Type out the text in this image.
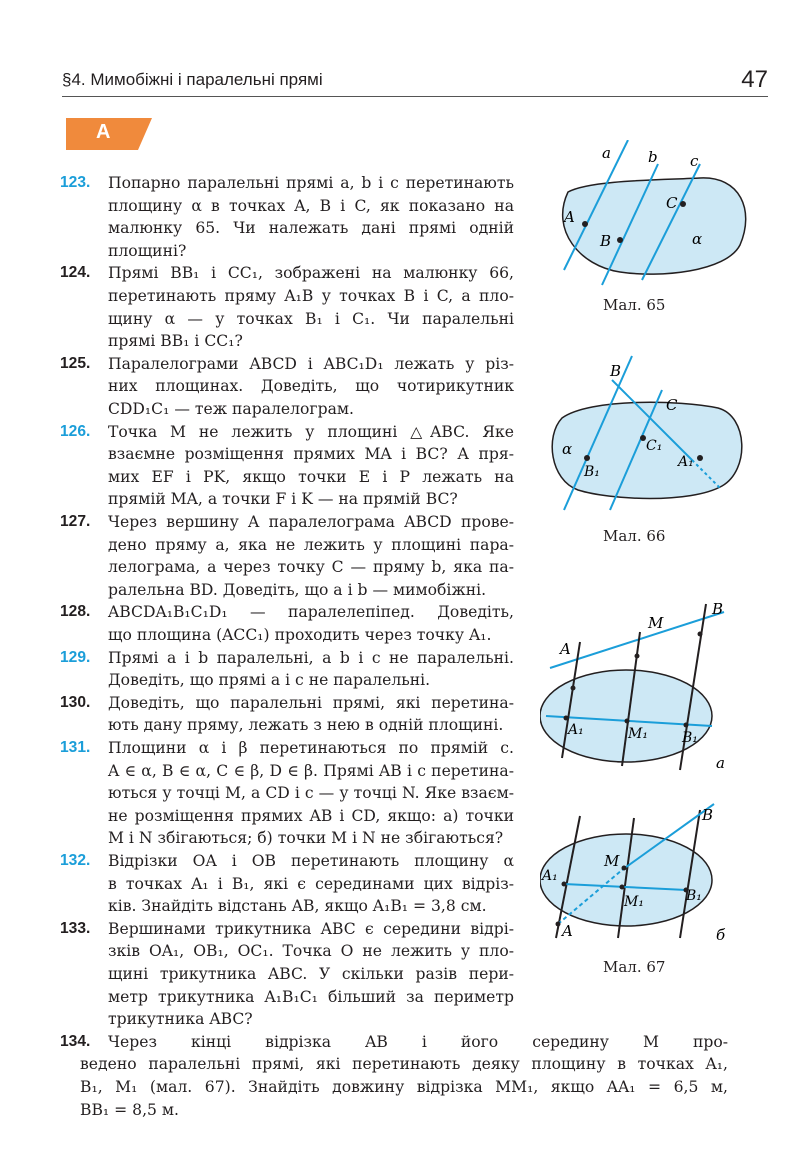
§4. Мимобіжні і паралельні прямі	47
А
123. Попарно паралельні прямі a, b і c перетинають
площину α в точках A, B і C, як показано на
малюнку 65. Чи належать дані прямі одній
площині?
124. Прямі BB₁ і CC₁, зображені на малюнку 66,
перетинають пряму A₁B у точках B і C, а пло-
щину α — у точках B₁ і C₁. Чи паралельні
прямі BB₁ і CC₁?
125. Паралелограми ABCD і ABC₁D₁ лежать у різ-
них площинах. Доведіть, що чотирикутник
CDD₁C₁ — теж паралелограм.
126. Точка M не лежить у площині △ABC. Яке
взаємне розміщення прямих MA і BC? А пря-
мих EF і PK, якщо точки E і P лежать на
прямій MA, а точки F і K — на прямій BC?
127. Через вершину A паралелограма ABCD прове-
дено пряму a, яка не лежить у площині пара-
лелограма, а через точку C — пряму b, яка па-
ралельна BD. Доведіть, що a і b — мимобіжні.
128. ABCDA₁B₁C₁D₁ — паралелепіпед. Доведіть,
що площина (ACC₁) проходить через точку A₁.
129. Прямі a і b паралельні, а b і c не паралельні.
Доведіть, що прямі a і c не паралельні.
130. Доведіть, що паралельні прямі, які перетина-
ють дану пряму, лежать з нею в одній площині.
131. Площини α і β перетинаються по прямій c.
A ∈ α, B ∈ α, C ∈ β, D ∈ β. Прямі AB і c перетина-
ються у точці M, а CD і c — у точці N. Яке взаєм-
не розміщення прямих AB і CD, якщо: а) точки
M і N збігаються; б) точки M і N не збігаються?
132. Відрізки OA і OB перетинають площину α
в точках A₁ і B₁, які є серединами цих відріз-
ків. Знайдіть відстань AB, якщо A₁B₁ = 3,8 см.
133. Вершинами трикутника ABC є середини відрі-
зків OA₁, OB₁, OC₁. Точка O не лежить у пло-
щині трикутника ABC. У скільки разів пери-
метр трикутника A₁B₁C₁ більший за периметр
трикутника ABC?
134. Через кінці відрізка AB і його середину M про-
ведено паралельні прямі, які перетинають деяку площину в точках A₁,
B₁, M₁ (мал. 67). Знайдіть довжину відрізка MM₁, якщо AA₁ = 6,5 м,
BB₁ = 8,5 м.
a b c
A
B
C
α
Мал. 65
B
C
C₁
α
B₁
A₁
Мал. 66
A
M
B
A₁	M₁ B₁
а
B
M
A₁
B₁
M₁
A	б
Мал. 67
